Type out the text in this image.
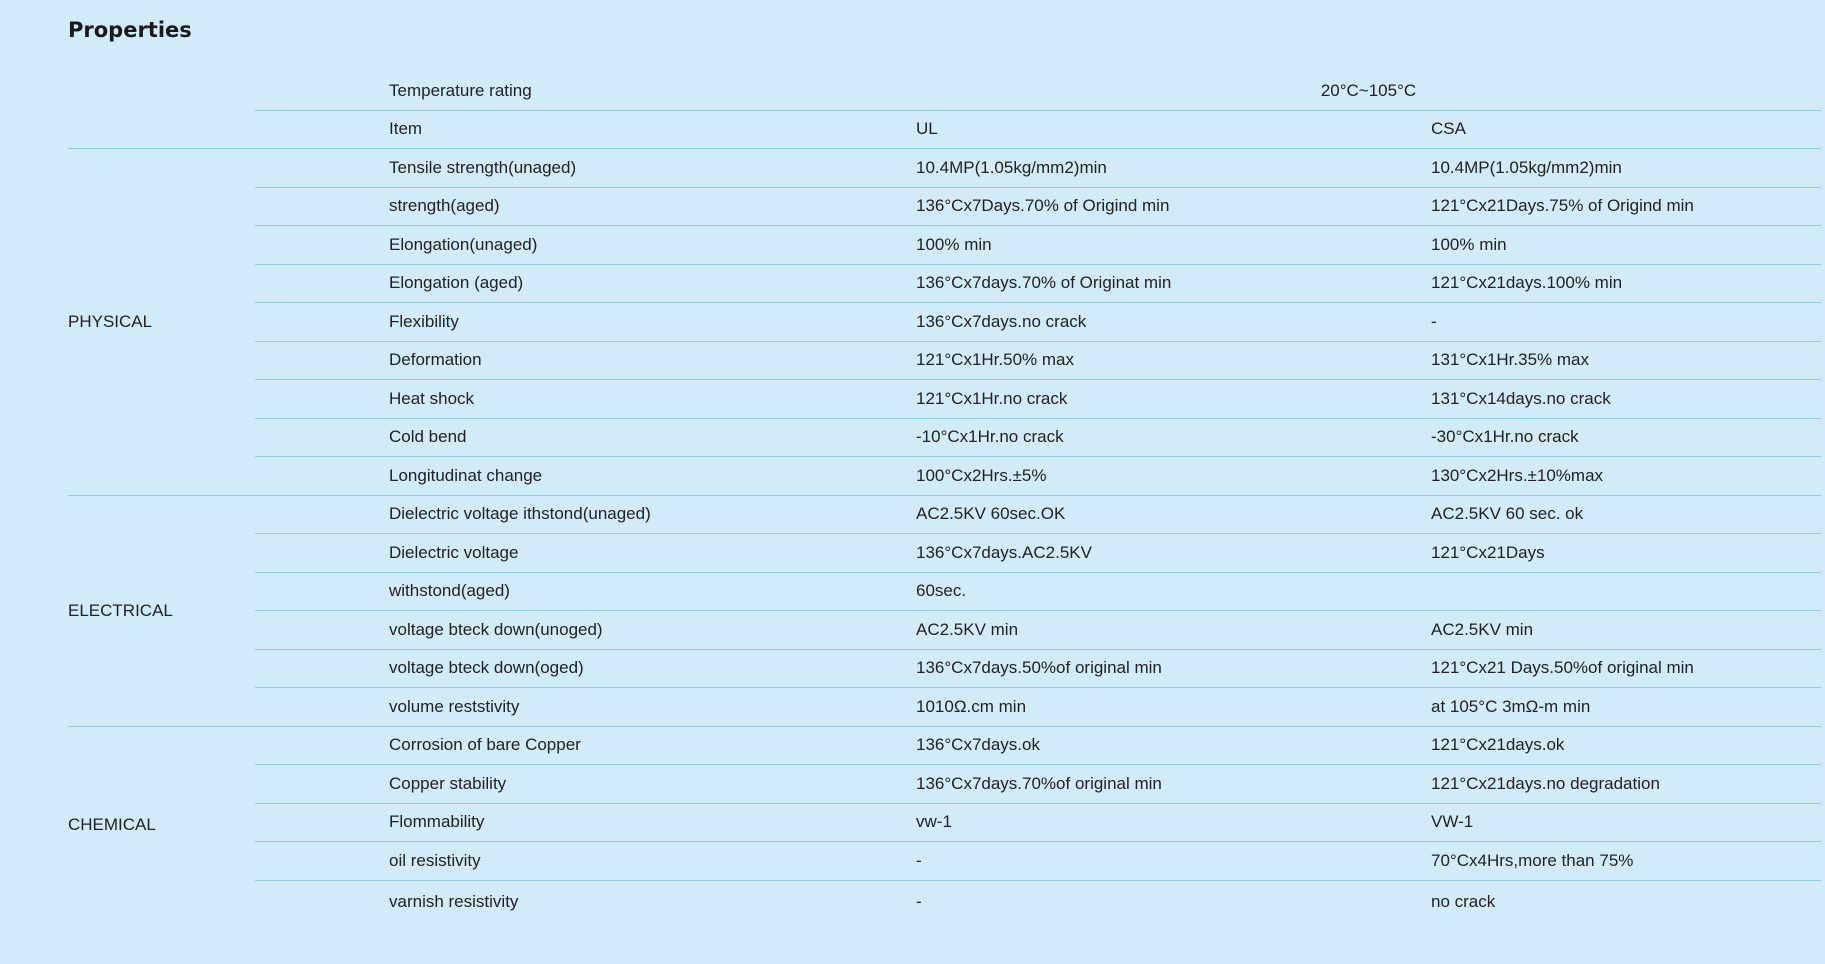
Properties
		Temperature rating	20°C~105°C	
		Item	UL	CSA
PHYSICAL		Tensile strength(unaged)	10.4MP(1.05kg/mm2)min	10.4MP(1.05kg/mm2)min
		strength(aged)	136°Cx7Days.70% of Origind min	121°Cx21Days.75% of Origind min
		Elongation(unaged)	100% min	100% min
		Elongation (aged)	136°Cx7days.70% of Originat min	121°Cx21days.100% min
		Flexibility	136°Cx7days.no crack	-
		Deformation	121°Cx1Hr.50% max	131°Cx1Hr.35% max
		Heat shock	121°Cx1Hr.no crack	131°Cx14days.no crack
		Cold bend	-10°Cx1Hr.no crack	-30°Cx1Hr.no crack
		Longitudinat change	100°Cx2Hrs.±5%	130°Cx2Hrs.±10%max
ELECTRICAL		Dielectric voltage ithstond(unaged)	AC2.5KV 60sec.OK	AC2.5KV 60 sec. ok
		Dielectric voltage	136°Cx7days.AC2.5KV	121°Cx21Days
		withstond(aged)	60sec.	
		voltage bteck down(unoged)	AC2.5KV min	AC2.5KV min
		voltage bteck down(oged)	136°Cx7days.50%of original min	121°Cx21 Days.50%of original min
		volume reststivity	1010Ω.cm min	at 105°C 3mΩ-m min
CHEMICAL		Corrosion of bare Copper	136°Cx7days.ok	121°Cx21days.ok
		Copper stability	136°Cx7days.70%of original min	121°Cx21days.no degradation
		Flommability	vw-1	VW-1
		oil resistivity	-	70°Cx4Hrs,more than 75%
		varnish resistivity	-	no crack
